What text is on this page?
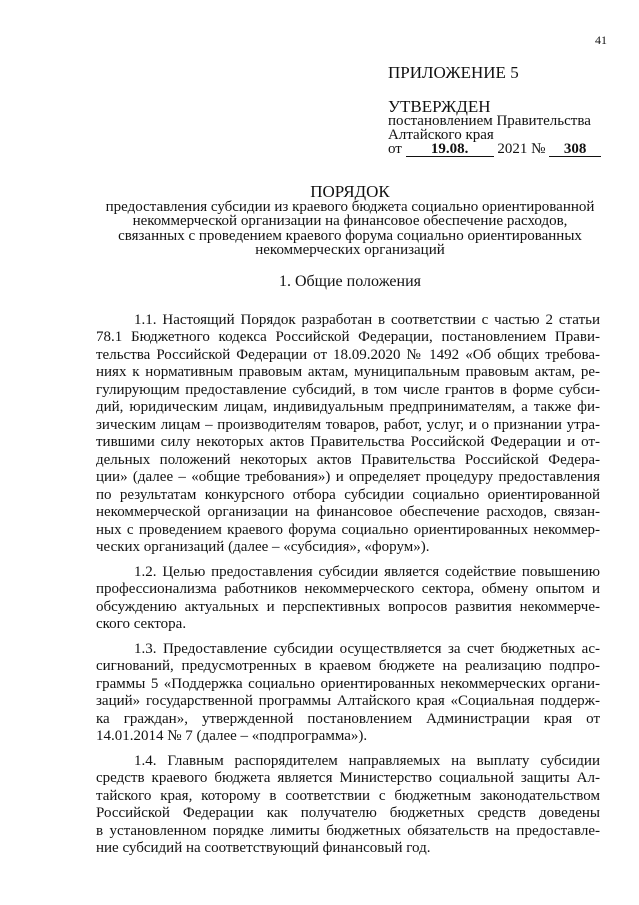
41
ПРИЛОЖЕНИЕ 5
УТВЕРЖДЕН
постановлением Правительства
Алтайского края
от 19.08. 2021 № 308
ПОРЯДОК
предоставления субсидии из краевого бюджета социально ориентированной
некоммерческой организации на финансовое обеспечение расходов,
связанных с проведением краевого форума социально ориентированных
некоммерческих организаций
1. Общие положения
1.1. Настоящий Порядок разработан в соответствии с частью 2 статьи
78.1 Бюджетного кодекса Российской Федерации, постановлением Прави-
тельства Российской Федерации от 18.09.2020 № 1492 «Об общих требова-
ниях к нормативным правовым актам, муниципальным правовым актам, ре-
гулирующим предоставление субсидий, в том числе грантов в форме субси-
дий, юридическим лицам, индивидуальным предпринимателям, а также фи-
зическим лицам – производителям товаров, работ, услуг, и о признании утра-
тившими силу некоторых актов Правительства Российской Федерации и от-
дельных положений некоторых актов Правительства Российской Федера-
ции» (далее – «общие требования») и определяет процедуру предоставления
по результатам конкурсного отбора субсидии социально ориентированной
некоммерческой организации на финансовое обеспечение расходов, связан-
ных с проведением краевого форума социально ориентированных некоммер-
ческих организаций (далее – «субсидия», «форум»).
1.2. Целью предоставления субсидии является содействие повышению
профессионализма работников некоммерческого сектора, обмену опытом и
обсуждению актуальных и перспективных вопросов развития некоммерче-
ского сектора.
1.3. Предоставление субсидии осуществляется за счет бюджетных ас-
сигнований, предусмотренных в краевом бюджете на реализацию подпро-
граммы 5 «Поддержка социально ориентированных некоммерческих органи-
заций» государственной программы Алтайского края «Социальная поддерж-
ка граждан», утвержденной постановлением Администрации края от
14.01.2014 № 7 (далее – «подпрограмма»).
1.4. Главным распорядителем направляемых на выплату субсидии
средств краевого бюджета является Министерство социальной защиты Ал-
тайского края, которому в соответствии с бюджетным законодательством
Российской Федерации как получателю бюджетных средств доведены
в установленном порядке лимиты бюджетных обязательств на предоставле-
ние субсидий на соответствующий финансовый год.
